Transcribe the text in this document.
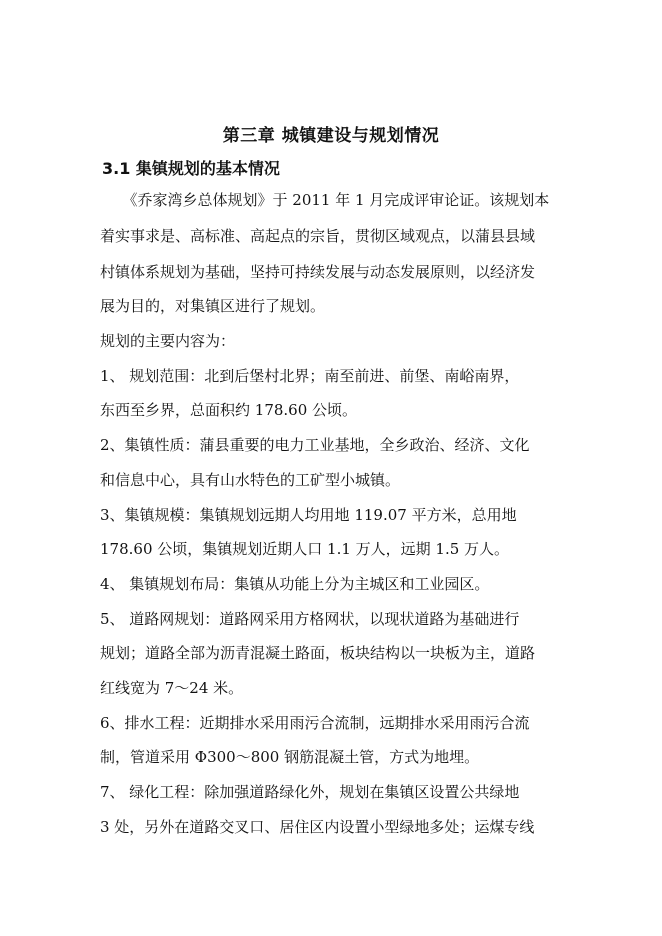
第三章 城镇建设与规划情况
3.1 集镇规划的基本情况

　　《乔家湾乡总体规划》于 2011 年 1 月完成评审论证。该规划本

着实事求是、高标准、高起点的宗旨，贯彻区域观点，以蒲县县域

村镇体系规划为基础，坚持可持续发展与动态发展原则，以经济发

展为目的，对集镇区进行了规划。

规划的主要内容为：

1、 规划范围：北到后堡村北界；南至前进、前堡、南峪南界，

东西至乡界，总面积约 178.60 公顷。

2、集镇性质：蒲县重要的电力工业基地，全乡政治、经济、文化

和信息中心，具有山水特色的工矿型小城镇。

3、集镇规模：集镇规划远期人均用地 119.07 平方米，总用地

178.60 公顷，集镇规划近期人口 1.1 万人，远期 1.5 万人。

4、 集镇规划布局：集镇从功能上分为主城区和工业园区。

5、 道路网规划：道路网采用方格网状，以现状道路为基础进行

规划；道路全部为沥青混凝土路面，板块结构以一块板为主，道路

红线宽为 7～24 米。

6、排水工程：近期排水采用雨污合流制，远期排水采用雨污合流

制，管道采用 Φ300～800 钢筋混凝土管，方式为地埋。

7、 绿化工程：除加强道路绿化外，规划在集镇区设置公共绿地

3 处，另外在道路交叉口、居住区内设置小型绿地多处；运煤专线
